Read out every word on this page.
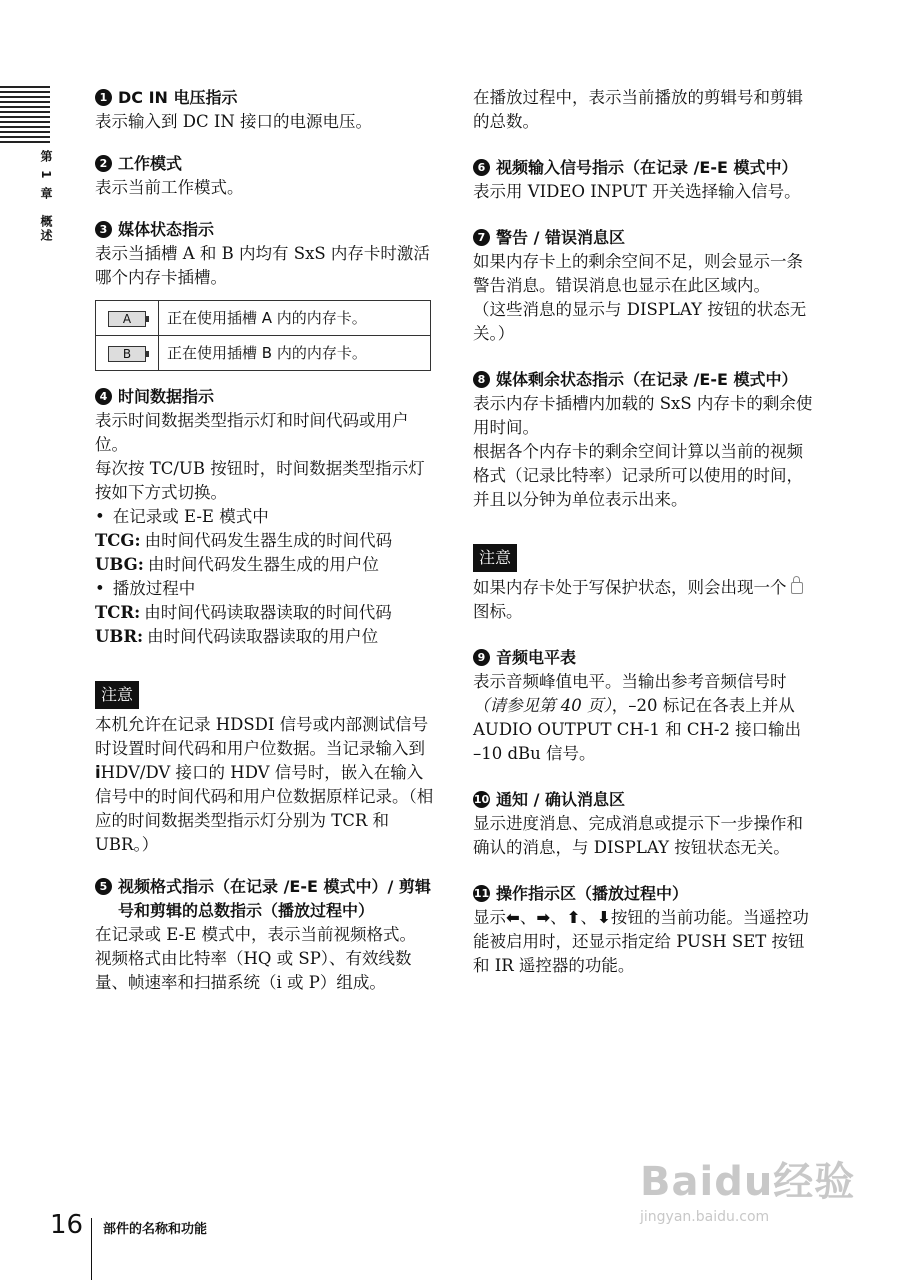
第 1 章　概述
1 DC IN 电压指示

表示输入到 DC IN 接口的电源电压。

2 工作模式

表示当前工作模式。

3 媒体状态指示

表示当插槽 A 和 B 内均有 SxS 内存卡时激活哪个内存卡插槽。

A	正在使用插槽 A 内的内存卡。
B	正在使用插槽 B 内的内存卡。
4 时间数据指示

表示时间数据类型指示灯和时间代码或用户位。

每次按 TC/UB 按钮时，时间数据类型指示灯按如下方式切换。

• 在记录或 E-E 模式中
TCG: 由时间代码发生器生成的时间代码
UBG: 由时间代码发生器生成的用户位
• 播放过程中
TCR: 由时间代码读取器读取的时间代码
UBR: 由时间代码读取器读取的用户位
注意

本机允许在记录 HDSDI 信号或内部测试信号时设置时间代码和用户位数据。当记录输入到 iHDV/DV 接口的 HDV 信号时，嵌入在输入信号中的时间代码和用户位数据原样记录。（相应的时间数据类型指示灯分别为 TCR 和 UBR。）

5 视频格式指示（在记录 /E-E 模式中）/ 剪辑号和剪辑的总数指示（播放过程中）

在记录或 E-E 模式中，表示当前视频格式。

视频格式由比特率（HQ 或 SP）、有效线数量、帧速率和扫描系统（i 或 P）组成。

在播放过程中，表示当前播放的剪辑号和剪辑的总数。

6 视频输入信号指示（在记录 /E-E 模式中）

表示用 VIDEO INPUT 开关选择输入信号。

7 警告 / 错误消息区

如果内存卡上的剩余空间不足，则会显示一条警告消息。错误消息也显示在此区域内。

（这些消息的显示与 DISPLAY 按钮的状态无关。）

8 媒体剩余状态指示（在记录 /E-E 模式中）

表示内存卡插槽内加载的 SxS 内存卡的剩余使用时间。

根据各个内存卡的剩余空间计算以当前的视频格式（记录比特率）记录所可以使用的时间，并且以分钟为单位表示出来。

注意

如果内存卡处于写保护状态，则会出现一个图标。

9 音频电平表

表示音频峰值电平。当输出参考音频信号时（请参见第 40 页），–20 标记在各表上并从 AUDIO OUTPUT CH-1 和 CH-2 接口输出 –10 dBu 信号。

10 通知 / 确认消息区

显示进度消息、完成消息或提示下一步操作和确认的消息，与 DISPLAY 按钮状态无关。

11 操作指示区（播放过程中）

显示⬅、➡、⬆、⬇按钮的当前功能。当遥控功能被启用时，还显示指定给 PUSH SET 按钮和 IR 遥控器的功能。

16 部件的名称和功能
Baidu经验
jingyan.baidu.com
